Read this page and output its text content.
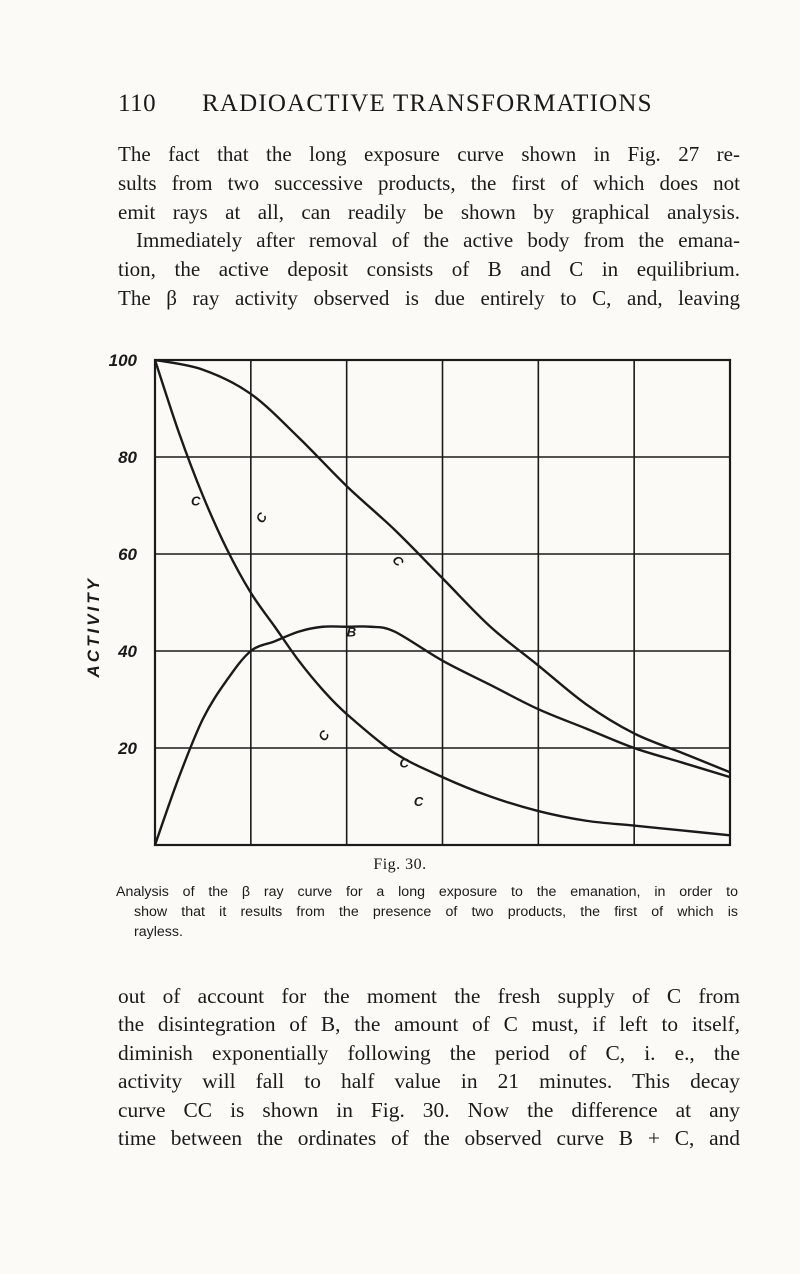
110 RADIOACTIVE TRANSFORMATIONS
The fact that the long exposure curve shown in Fig. 27 re-
sults from two successive products, the first of which does not
emit rays at all, can readily be shown by graphical analysis.
Immediately after removal of the active body from the emana-
tion, the active deposit consists of B and C in equilibrium.
The β ray activity observed is due entirely to C, and, leaving
20
40
60
80
100
ACTIVITY
C
C
B
C
C
C
C
Fig. 30.
Analysis of the β ray curve for a long exposure to the emanation, in order to
show that it results from the presence of two products, the first of which is
rayless.
out of account for the moment the fresh supply of C from
the disintegration of B, the amount of C must, if left to itself,
diminish exponentially following the period of C, i. e., the
activity will fall to half value in 21 minutes. This decay
curve CC is shown in Fig. 30. Now the difference at any
time between the ordinates of the observed curve B + C, and
